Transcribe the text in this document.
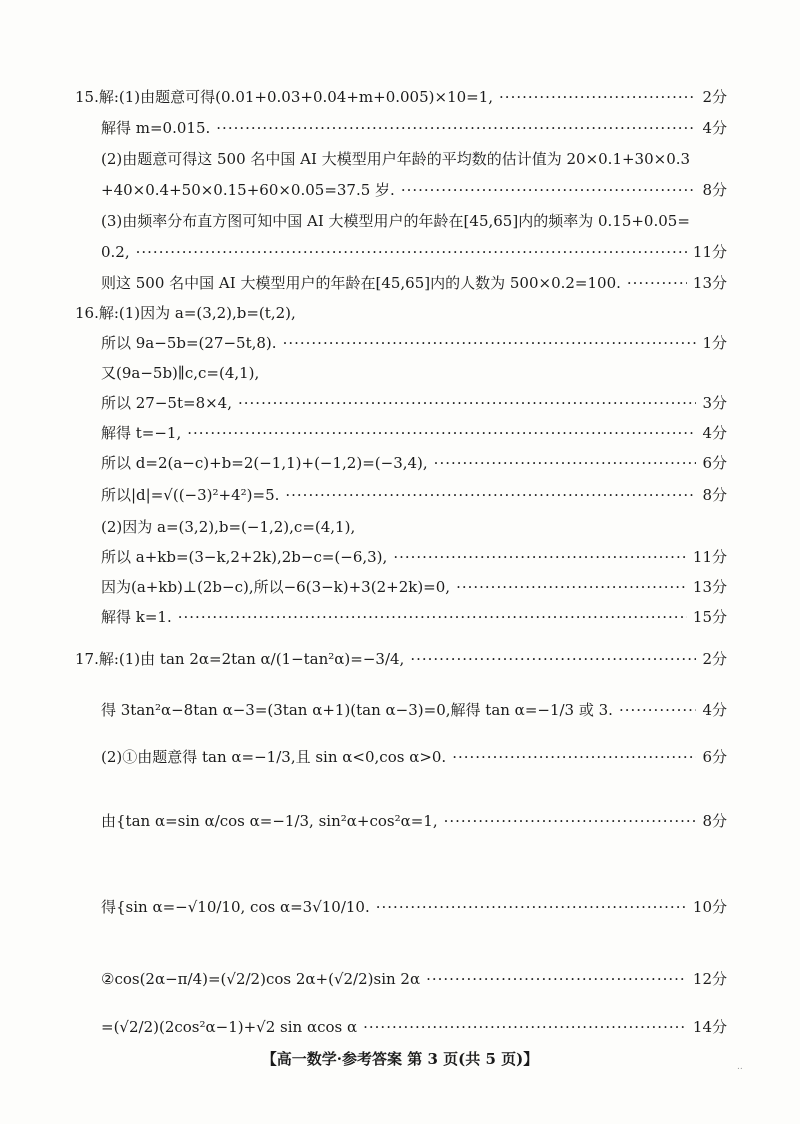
15.解:(1)由题意可得(0.01+0.03+0.04+m+0.005)×10=1, ·····	2分
解得 m=0.015. ·····	4分
(2)由题意可得这 500 名中国 AI 大模型用户年龄的平均数的估计值为 20×0.1+30×0.3
+40×0.4+50×0.15+60×0.05=37.5 岁. ·····	8分
(3)由频率分布直方图可知中国 AI 大模型用户的年龄在[45,65]内的频率为 0.15+0.05=
0.2, ·····	11分
则这 500 名中国 AI 大模型用户的年龄在[45,65]内的人数为 500×0.2=100. ·····	13分
16.解:(1)因为 a=(3,2),b=(t,2),
所以 9a−5b=(27−5t,8). ·····	1分
又(9a−5b)∥c,c=(4,1),
所以 27−5t=8×4, ·····	3分
解得 t=−1, ·····	4分
所以 d=2(a−c)+b=2(−1,1)+(−1,2)=(−3,4), ·····	6分
所以|d|=√((−3)²+4²)=5. ·····	8分
(2)因为 a=(3,2),b=(−1,2),c=(4,1),
所以 a+kb=(3−k,2+2k),2b−c=(−6,3), ·····	11分
因为(a+kb)⊥(2b−c),所以−6(3−k)+3(2+2k)=0, ·····	13分
解得 k=1. ·····	15分
17.解:(1)由 tan 2α=2tan α/(1−tan²α)=−3/4, ·····	2分
得 3tan²α−8tan α−3=(3tan α+1)(tan α−3)=0,解得 tan α=−1/3 或 3. ·····	4分
(2)①由题意得 tan α=−1/3,且 sin α<0,cos α>0. ·····	6分
由{tan α=sin α/cos α=−1/3, sin²α+cos²α=1, ·····	8分
得{sin α=−√10/10, cos α=3√10/10. ·····	10分
②cos(2α−π/4)=(√2/2)cos 2α+(√2/2)sin 2α ·····	12分
=(√2/2)(2cos²α−1)+√2 sin αcos α ·····	14分
【高一数学·参考答案 第 3 页(共 5 页)】	..
